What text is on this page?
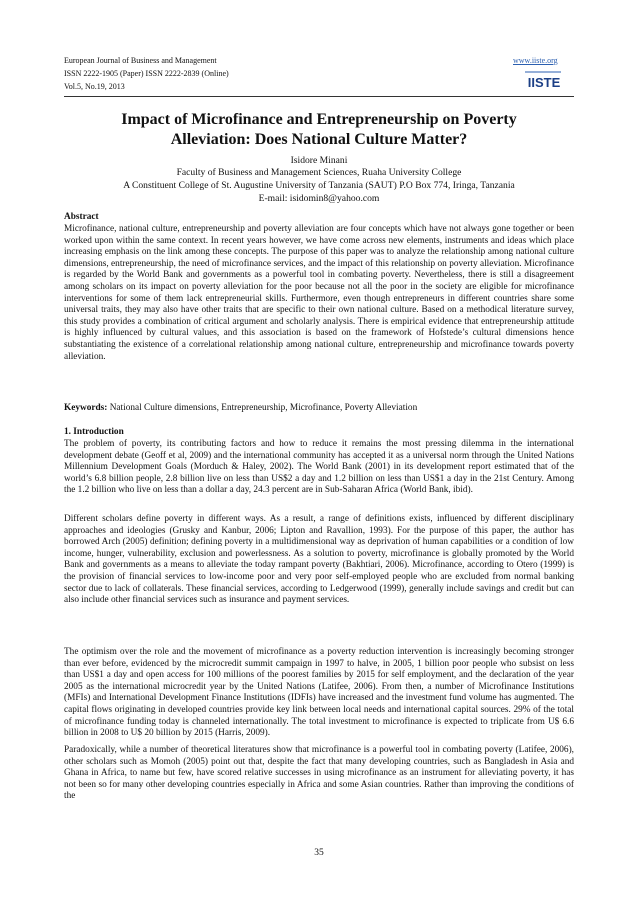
European Journal of Business and Management
ISSN 2222-1905 (Paper) ISSN 2222-2839 (Online)
Vol.5, No.19, 2013
www.iiste.org
IISTE
Impact of Microfinance and Entrepreneurship on Poverty
Alleviation: Does National Culture Matter?
Isidore Minani
Faculty of Business and Management Sciences, Ruaha University College
A Constituent College of St. Augustine University of Tanzania (SAUT) P.O Box 774, Iringa, Tanzania
E-mail: isidomin8@yahoo.com
Abstract

Microfinance, national culture, entrepreneurship and poverty alleviation are four concepts which have not always gone together or been worked upon within the same context. In recent years however, we have come across new elements, instruments and ideas which place increasing emphasis on the link among these concepts. The purpose of this paper was to analyze the relationship among national culture dimensions, entrepreneurship, the need of microfinance services, and the impact of this relationship on poverty alleviation. Microfinance is regarded by the World Bank and governments as a powerful tool in combating poverty. Nevertheless, there is still a disagreement among scholars on its impact on poverty alleviation for the poor because not all the poor in the society are eligible for microfinance interventions for some of them lack entrepreneurial skills. Furthermore, even though entrepreneurs in different countries share some universal traits, they may also have other traits that are specific to their own national culture. Based on a methodical literature survey, this study provides a combination of critical argument and scholarly analysis. There is empirical evidence that entrepreneurship attitude is highly influenced by cultural values, and this association is based on the framework of Hofstede’s cultural dimensions hence substantiating the existence of a correlational relationship among national culture, entrepreneurship and microfinance towards poverty alleviation.

Keywords: National Culture dimensions, Entrepreneurship, Microfinance, Poverty Alleviation
1. Introduction

The problem of poverty, its contributing factors and how to reduce it remains the most pressing dilemma in the international development debate (Geoff et al, 2009) and the international community has accepted it as a universal norm through the United Nations Millennium Development Goals (Morduch & Haley, 2002). The World Bank (2001) in its development report estimated that of the world’s 6.8 billion people, 2.8 billion live on less than US$2 a day and 1.2 billion on less than US$1 a day in the 21st Century. Among the 1.2 billion who live on less than a dollar a day, 24.3 percent are in Sub-Saharan Africa (World Bank, ibid).

Different scholars define poverty in different ways. As a result, a range of definitions exists, influenced by different disciplinary approaches and ideologies (Grusky and Kanbur, 2006; Lipton and Ravallion, 1993). For the purpose of this paper, the author has borrowed Arch (2005) definition; defining poverty in a multidimensional way as deprivation of human capabilities or a condition of low income, hunger, vulnerability, exclusion and powerlessness. As a solution to poverty, microfinance is globally promoted by the World Bank and governments as a means to alleviate the today rampant poverty (Bakhtiari, 2006). Microfinance, according to Otero (1999) is the provision of financial services to low-income poor and very poor self-employed people who are excluded from normal banking sector due to lack of collaterals. These financial services, according to Ledgerwood (1999), generally include savings and credit but can also include other financial services such as insurance and payment services.

The optimism over the role and the movement of microfinance as a poverty reduction intervention is increasingly becoming stronger than ever before, evidenced by the microcredit summit campaign in 1997 to halve, in 2005, 1 billion poor people who subsist on less than US$1 a day and open access for 100 millions of the poorest families by 2015 for self employment, and the declaration of the year 2005 as the international microcredit year by the United Nations (Latifee, 2006). From then, a number of Microfinance Institutions (MFIs) and International Development Finance Institutions (IDFIs) have increased and the investment fund volume has augmented. The capital flows originating in developed countries provide key link between local needs and international capital sources. 29% of the total of microfinance funding today is channeled internationally. The total investment to microfinance is expected to triplicate from U$ 6.6 billion in 2008 to U$ 20 billion by 2015 (Harris, 2009).

Paradoxically, while a number of theoretical literatures show that microfinance is a powerful tool in combating poverty (Latifee, 2006), other scholars such as Momoh (2005) point out that, despite the fact that many developing countries, such as Bangladesh in Asia and Ghana in Africa, to name but few, have scored relative successes in using microfinance as an instrument for alleviating poverty, it has not been so for many other developing countries especially in Africa and some Asian countries. Rather than improving the conditions of the

35
